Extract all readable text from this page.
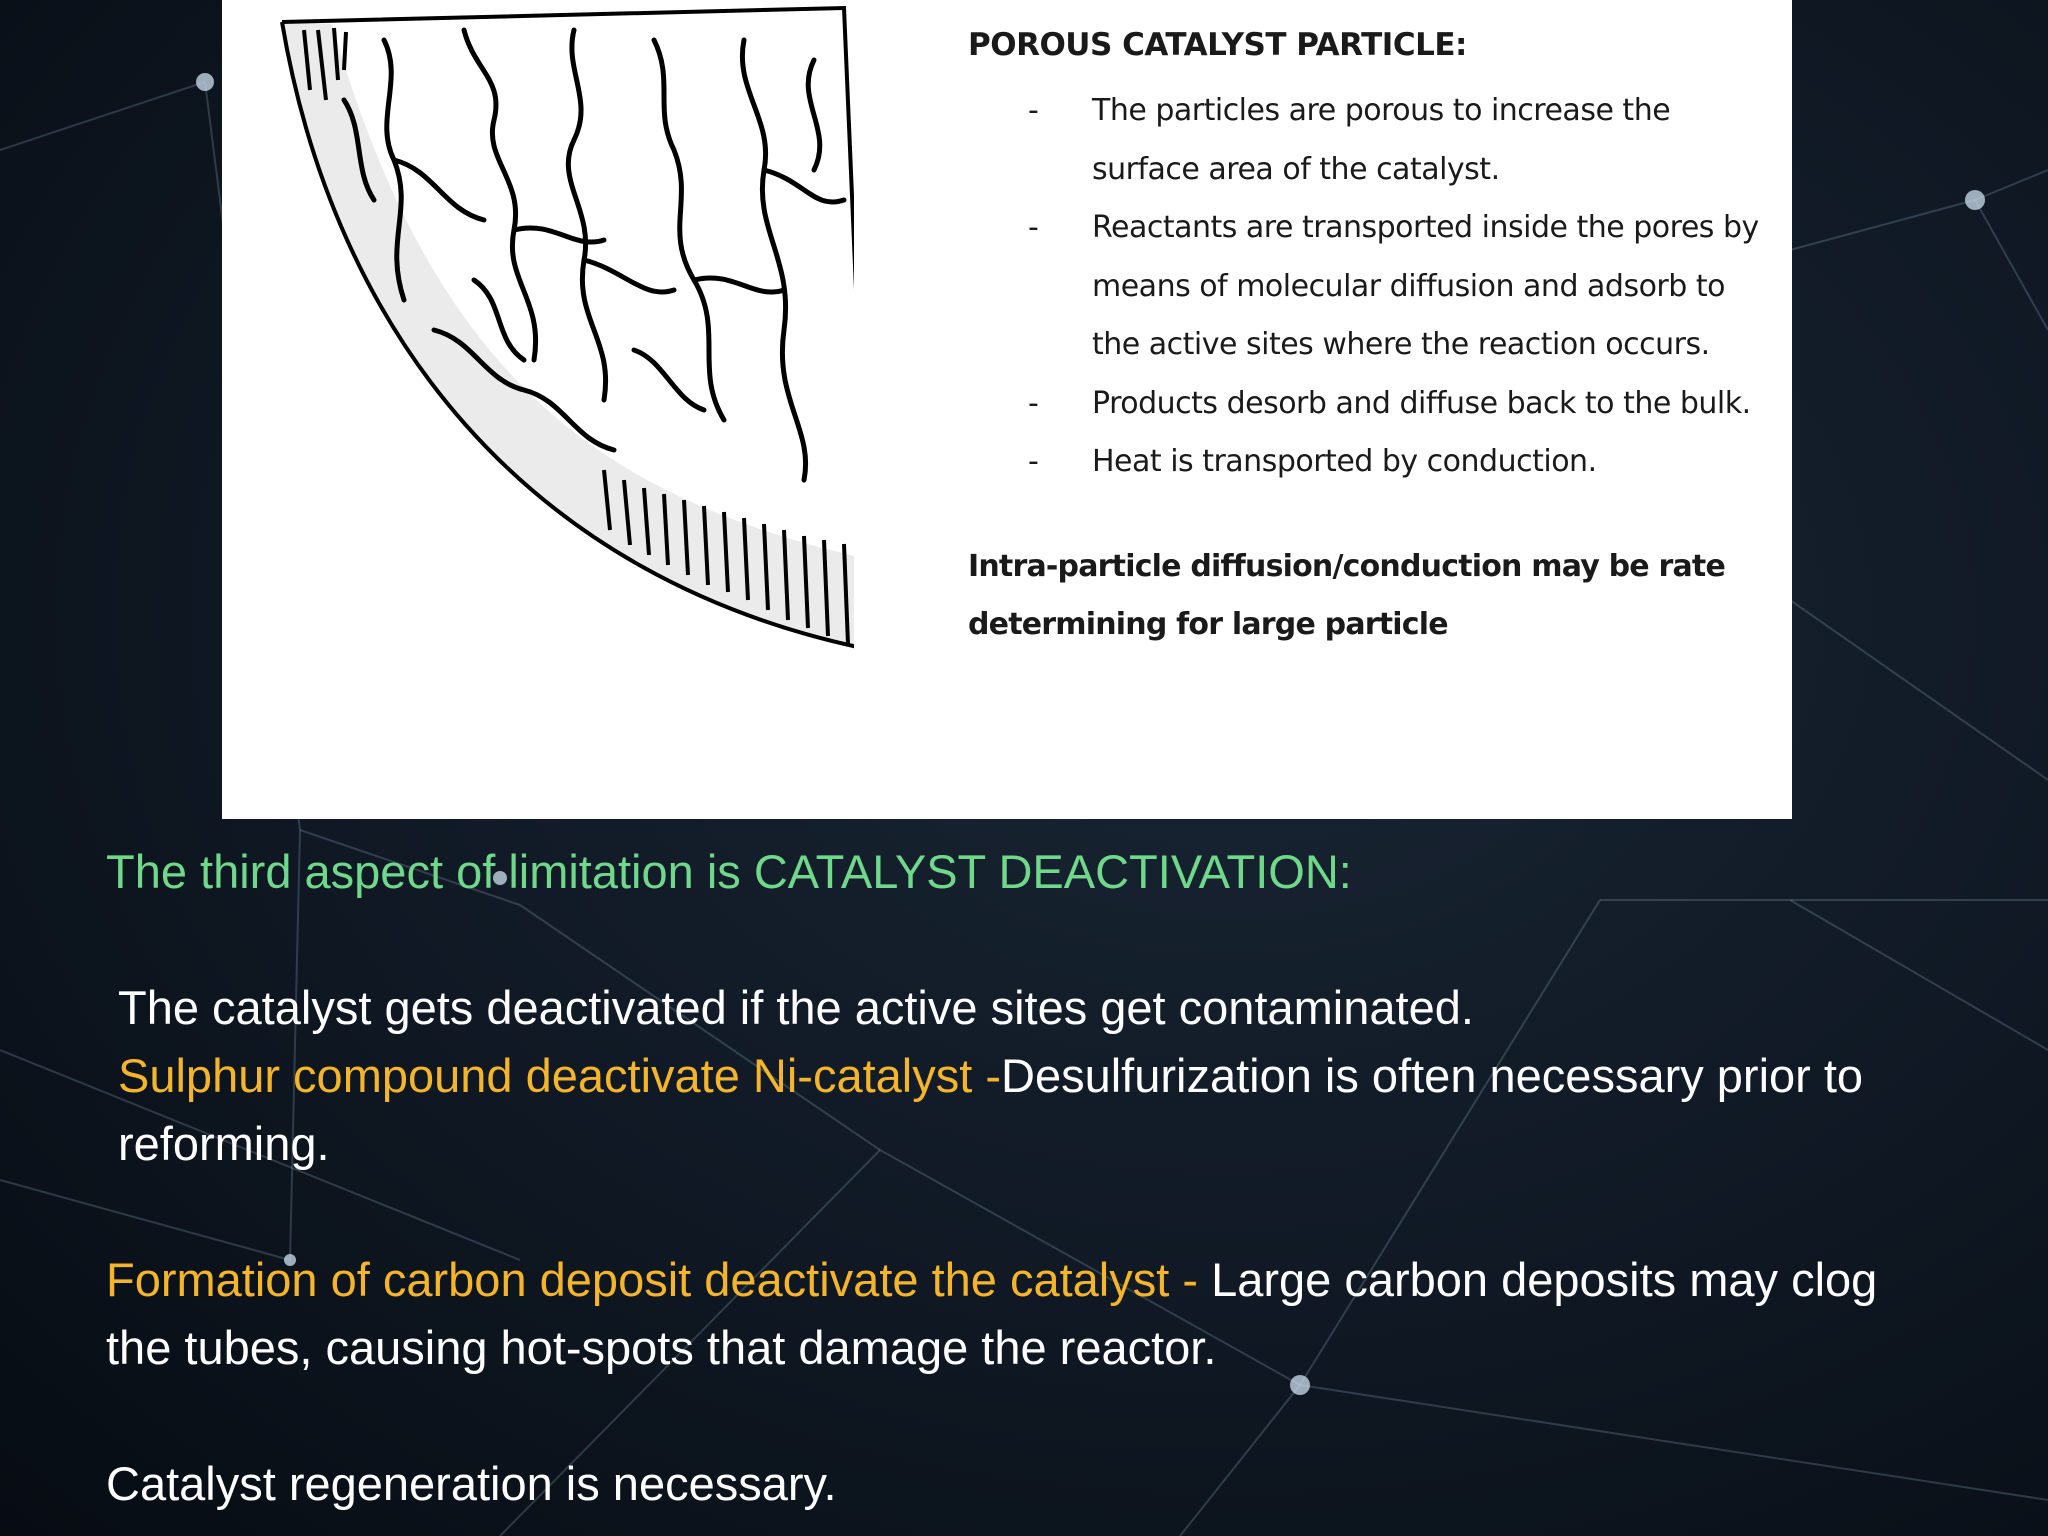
POROUS CATALYST PARTICLE:

- The particles are porous to increase the surface area of the catalyst.
- Reactants are transported inside the pores by means of molecular diffusion and adsorb to the active sites where the reaction occurs.
- Products desorb and diffuse back to the bulk.
- Heat is transported by conduction.

Intra-particle diffusion/conduction may be rate determining for large particle

The third aspect of limitation is CATALYST DEACTIVATION:

The catalyst gets deactivated if the active sites get contaminated.

Sulphur compound deactivate Ni-catalyst -Desulfurization is often necessary prior to reforming.

Formation of carbon deposit deactivate the catalyst - Large carbon deposits may clog the tubes, causing hot-spots that damage the reactor.

Catalyst regeneration is necessary.
